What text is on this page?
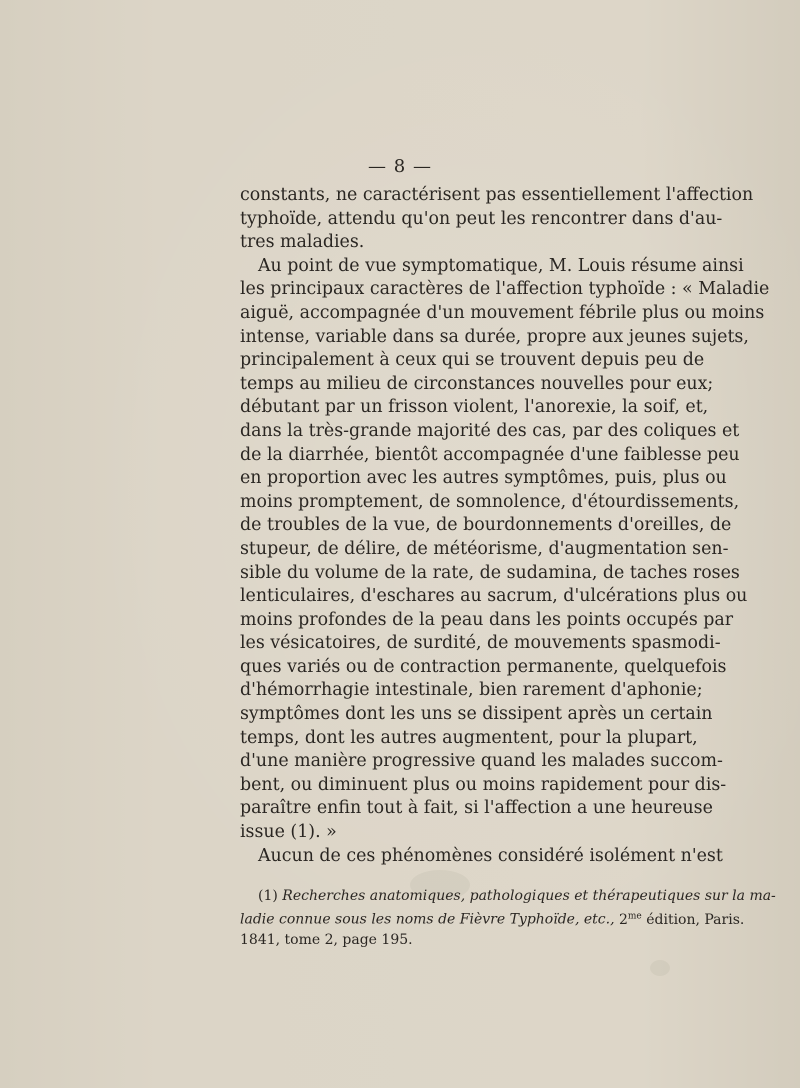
— 8 —
constants, ne caractérisent pas essentiellement l'affection
typhoïde, attendu qu'on peut les rencontrer dans d'au-
tres maladies.
Au point de vue symptomatique, M. Louis résume ainsi
les principaux caractères de l'affection typhoïde : « Maladie
aiguë, accompagnée d'un mouvement fébrile plus ou moins
intense, variable dans sa durée, propre aux jeunes sujets,
principalement à ceux qui se trouvent depuis peu de
temps au milieu de circonstances nouvelles pour eux;
débutant par un frisson violent, l'anorexie, la soif, et,
dans la très-grande majorité des cas, par des coliques et
de la diarrhée, bientôt accompagnée d'une faiblesse peu
en proportion avec les autres symptômes, puis, plus ou
moins promptement, de somnolence, d'étourdissements,
de troubles de la vue, de bourdonnements d'oreilles, de
stupeur, de délire, de météorisme, d'augmentation sen-
sible du volume de la rate, de sudamina, de taches roses
lenticulaires, d'eschares au sacrum, d'ulcérations plus ou
moins profondes de la peau dans les points occupés par
les vésicatoires, de surdité, de mouvements spasmodi-
ques variés ou de contraction permanente, quelquefois
d'hémorrhagie intestinale, bien rarement d'aphonie;
symptômes dont les uns se dissipent après un certain
temps, dont les autres augmentent, pour la plupart,
d'une manière progressive quand les malades succom-
bent, ou diminuent plus ou moins rapidement pour dis-
paraître enfin tout à fait, si l'affection a une heureuse
issue (1). »
Aucun de ces phénomènes considéré isolément n'est
(1) Recherches anatomiques, pathologiques et thérapeutiques sur la ma-
ladie connue sous les noms de Fièvre Typhoïde, etc., $2^{me}$ édition, Paris.
1841, tome 2, page 195.
